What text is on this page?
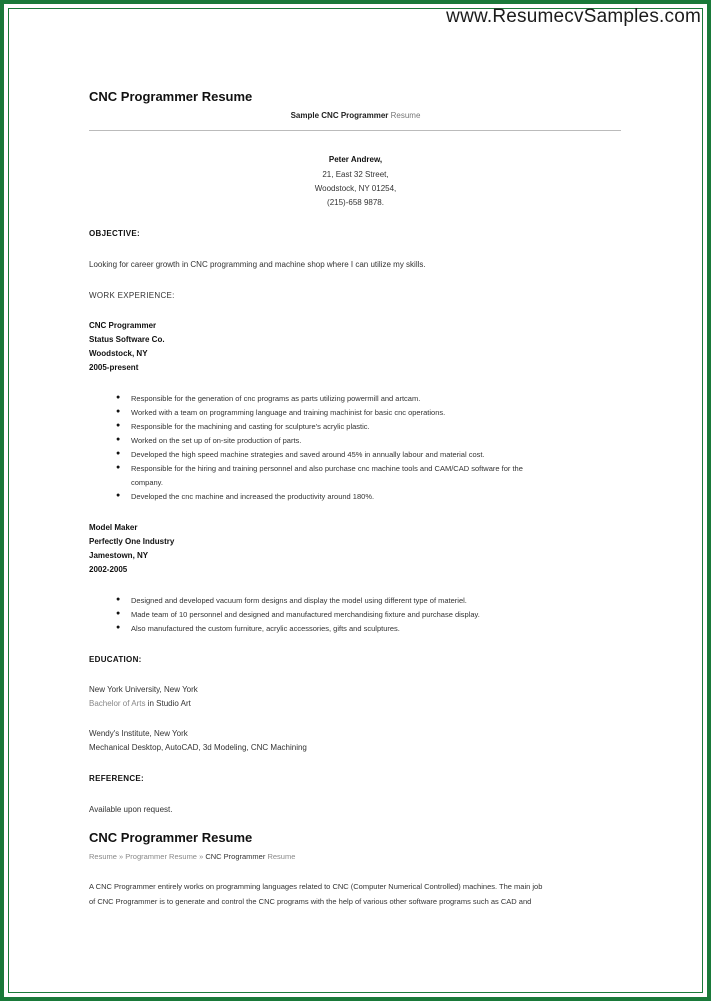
www.ResumecvSamples.com
CNC Programmer Resume
Sample CNC Programmer Resume
Peter Andrew,
21, East 32 Street,
Woodstock, NY 01254,
(215)-658 9878.
OBJECTIVE:
Looking for career growth in CNC programming and machine shop where I can utilize my skills.
WORK EXPERIENCE:
CNC Programmer
Status Software Co.
Woodstock, NY
2005-present
● Responsible for the generation of cnc programs as parts utilizing powermill and artcam.
● Worked with a team on programming language and training machinist for basic cnc operations.
● Responsible for the machining and casting for sculpture's acrylic plastic.
● Worked on the set up of on-site production of parts.
● Developed the high speed machine strategies and saved around 45% in annually labour and material cost.
● Responsible for the hiring and training personnel and also purchase cnc machine tools and CAM/CAD software for the
company.
● Developed the cnc machine and increased the productivity around 180%.
Model Maker
Perfectly One Industry
Jamestown, NY
2002-2005
● Designed and developed vacuum form designs and display the model using different type of materiel.
● Made team of 10 personnel and designed and manufactured merchandising fixture and purchase display.
● Also manufactured the custom furniture, acrylic accessories, gifts and sculptures.
EDUCATION:
New York University, New York
Bachelor of Arts in Studio Art
Wendy's Institute, New York
Mechanical Desktop, AutoCAD, 3d Modeling, CNC Machining
REFERENCE:
Available upon request.
CNC Programmer Resume
Resume » Programmer Resume » CNC Programmer Resume
A CNC Programmer entirely works on programming languages related to CNC (Computer Numerical Controlled) machines. The main job
of CNC Programmer is to generate and control the CNC programs with the help of various other software programs such as CAD and
